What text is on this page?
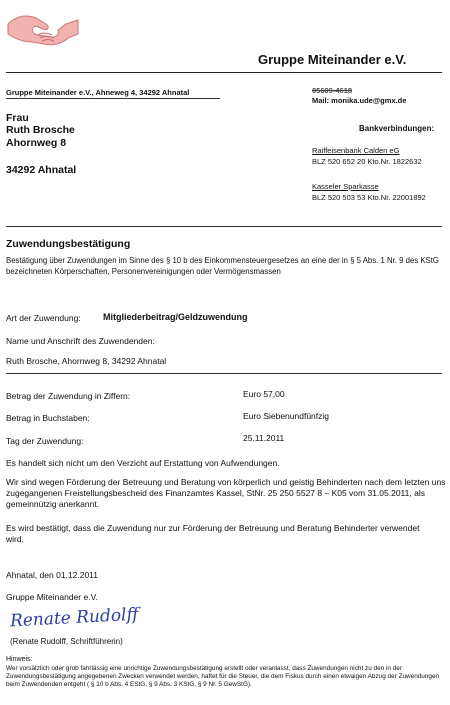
Gruppe Miteinander e.V.
Gruppe Miteinander e.V., Ahneweg 4, 34292 Ahnatal	05609-4618
Mail: monika.ude@gmx.de
Frau
Ruth Brosche
Ahornweg 8
34292 Ahnatal
Bankverbindungen:
Raiffeisenbank Calden eG
BLZ 520 652 20 Kto.Nr. 1822632
Kasseler Sparkasse
BLZ 520 503 53 Kto.Nr. 22001892
Zuwendungsbestätigung
Bestätigung über Zuwendungen im Sinne des § 10 b des Einkommensteuergesetzes an eine der in § 5 Abs. 1 Nr. 9 des KStG bezeichneten Körperschaften, Personenvereinigungen oder Vermögensmassen
Art der Zuwendung: Mitgliederbeitrag/Geldzuwendung
Name und Anschrift des Zuwendenden:
Ruth Brosche, Ahornweg 8, 34292 Ahnatal
Betrag der Zuwendung in Ziffern:	Euro 57,00
Betrag in Buchstaben:	Euro Siebenundfünfzig
Tag der Zuwendung:	25.11.2011
Es handelt sich nicht um den Verzicht auf Erstattung von Aufwendungen.
Wir sind wegen Förderung der Betreuung und Beratung von körperlich und geistig Behinderten nach dem letzten uns zugegangenen Freistellungsbescheid des Finanzamtes Kassel, StNr. 25 250 5527 8 – K05 vom 31.05.2011, als gemeinnützig anerkannt.
Es wird bestätigt, dass die Zuwendung nur zur Förderung der Betreuung und Beratung Behinderter verwendet wird.
Ahnatal, den 01.12.2011
Gruppe Miteinander e.V.
Renate Rudolff
(Renate Rudolff, Schriftführerin)
Hinweis:
Wer vorsätzlich oder grob fahrlässig eine unrichtige Zuwendungsbestätigung erstellt oder veranlasst, dass Zuwendungen nicht zu den in der Zuwendungsbestätigung angegebenen Zwecken verwendet werden, haftet für die Steuer, die dem Fiskus durch einen etwaigen Abzug der Zuwendungen beim Zuwendenden entgeht ( § 10 b Abs. 4 EStG, § 9 Abs. 3 KStG, § 9 Nr. 5 GewStG).
